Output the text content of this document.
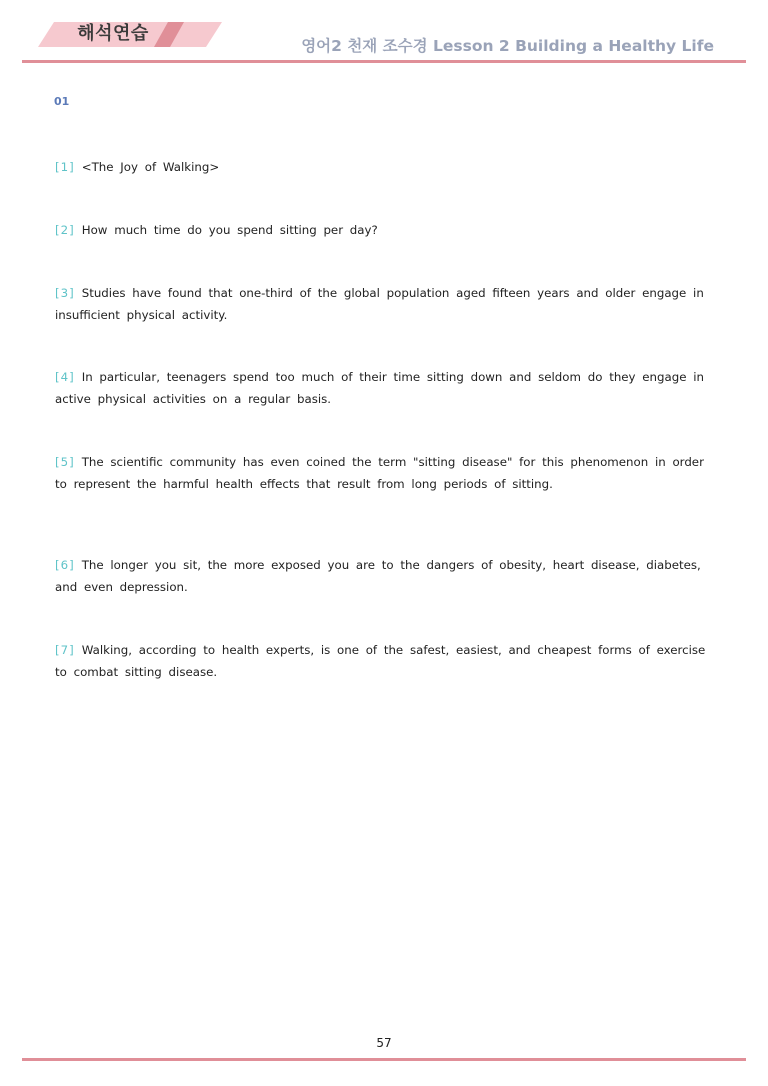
해석연습
영어2 천재 조수경 Lesson 2 Building a Healthy Life
01
[1] <The Joy of Walking>
[2] How much time do you spend sitting per day?
[3] Studies have found that one-third of the global population aged fifteen years and older engage in insufficient physical activity.
[4] In particular, teenagers spend too much of their time sitting down and seldom do they engage in active physical activities on a regular basis.
[5] The scientific community has even coined the term "sitting disease" for this phenomenon in order to represent the harmful health effects that result from long periods of sitting.
[6] The longer you sit, the more exposed you are to the dangers of obesity, heart disease, diabetes, and even depression.
[7] Walking, according to health experts, is one of the safest, easiest, and cheapest forms of exercise to combat sitting disease.
57
